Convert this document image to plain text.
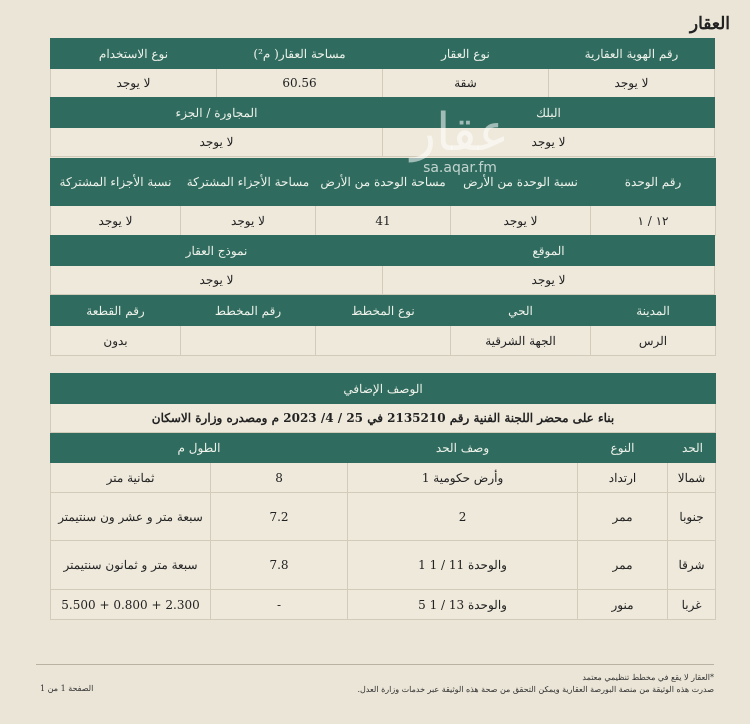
العقار
رقم الهوية العقارية	نوع العقار	مساحة العقار( م²)	نوع الاستخدام
لا يوجد	شقة	60.56	لا يوجد
البلك	المجاورة / الجزء
لا يوجد	لا يوجد
رقم الوحدة	نسبة الوحدة من الأرض	مساحة الوحدة من الأرض	مساحة الأجزاء المشتركة	نسبة الأجزاء المشتركة
١٢ / ١	لا يوجد	41	لا يوجد	لا يوجد
الموقع	نموذج العقار
لا يوجد	لا يوجد
المدينة	الحي	نوع المخطط	رقم المخطط	رقم القطعة
الرس	الجهة الشرقية			بدون
الوصف الإضافي				
بناء على محضر اللجنة الفنية رقم 2135210 في 25 / 4/ 2023 م ومصدره وزارة الاسكان				
الحد	النوع	وصف الحد	الطول م	
شمالا	ارتداد	وأرض حكومية 1	8	ثمانية متر
جنوبا	ممر	2	7.2	سبعة متر و عشر ون سنتيمتر
شرقا	ممر	والوحدة 11 / 1 1	7.8	سبعة متر و ثمانون سنتيمتر
غربا	منور	والوحدة 13 / 1 5	-	2.300 + 0.800 + 5.500
عقار
sa.aqar.fm
*العقار لا يقع في مخطط تنظيمي معتمد
صدرت هذه الوثيقة من منصة البورصة العقارية ويمكن التحقق من صحة هذه الوثيقة عبر خدمات وزارة العدل.
الصفحة 1 من 1
